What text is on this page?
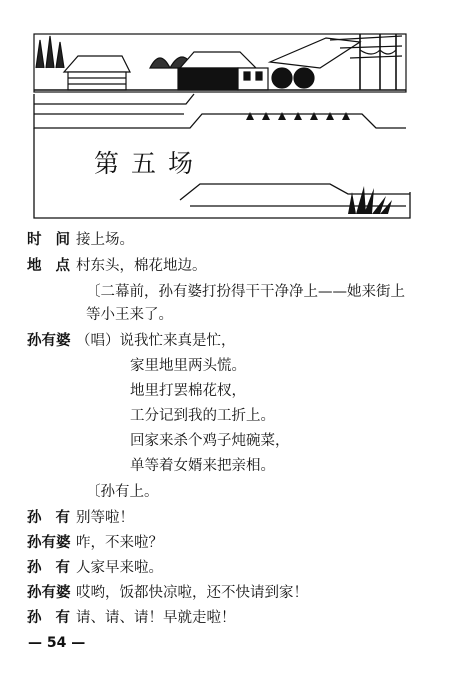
第五场
时间
接上场。
地点
村东头，棉花地边。
〔二幕前，孙有婆打扮得干干净净上——她来街上
等小王来了。
孙有婆 （唱）说我忙来真是忙，
家里地里两头慌。
地里打罢棉花杈，
工分记到我的工折上。
回家来杀个鸡子炖碗菜，
单等着女婿来把亲相。
〔孙有上。
孙有
别等啦！
孙有婆 咋，不来啦？
孙有
人家早来啦。
孙有婆 哎哟，饭都快凉啦，还不快请到家！
孙有
请、请、请！早就走啦！
— 54 —
